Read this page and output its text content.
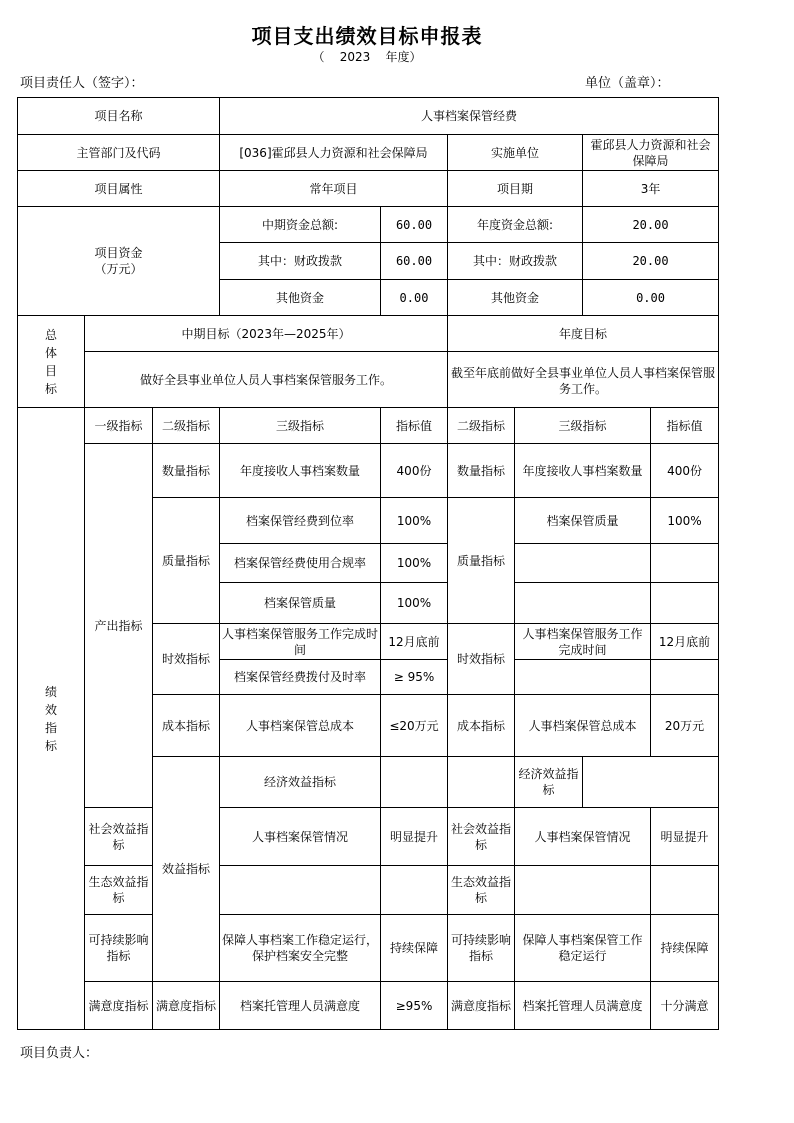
项目支出绩效目标申报表
（ 2023 年度）
项目责任人（签字）：	单位（盖章）：
项目名称			人事档案保管经费						
主管部门及代码			[036]霍邱县人力资源和社会保障局		实施单位		霍邱县人力资源和社会保障局		
项目属性			常年项目		项目期		3年		
项目资金（万元）			中期资金总额:	60.00	年度资金总额:		20.00		
			其中：财政拨款	60.00	其中：财政拨款		20.00		
			其他资金	0.00	其他资金		0.00		
总体目标	中期目标（2023年—2025年）				年度目标				
	做好全县事业单位人员人事档案保管服务工作。				截至年底前做好全县事业单位人员人事档案保管服务工作。				
绩效指标	一级指标	二级指标	三级指标	指标值	二级指标	三级指标		指标值	
	产出指标	数量指标	年度接收人事档案数量	400份	数量指标	年度接收人事档案数量		400份	
		质量指标	档案保管经费到位率	100%	质量指标	档案保管质量		100%	
			档案保管经费使用合规率	100%					
			档案保管质量	100%					
		时效指标	人事档案保管服务工作完成时间	12月底前	时效指标	人事档案保管服务工作完成时间		12月底前	
			档案保管经费拨付及时率	≥ 95%					
		成本指标	人事档案保管总成本	≤20万元	成本指标	人事档案保管总成本		20万元	
		效益指标	经济效益指标			经济效益指标			
	社会效益指标		人事档案保管情况	明显提升	社会效益指标	人事档案保管情况		明显提升	
	生态效益指标				生态效益指标				
	可持续影响指标		保障人事档案工作稳定运行，保护档案安全完整	持续保障	可持续影响指标	保障人事档案保管工作稳定运行		持续保障	
	满意度指标	满意度指标	档案托管理人员满意度	≥95%	满意度指标	档案托管理人员满意度		十分满意	
项目负责人：
